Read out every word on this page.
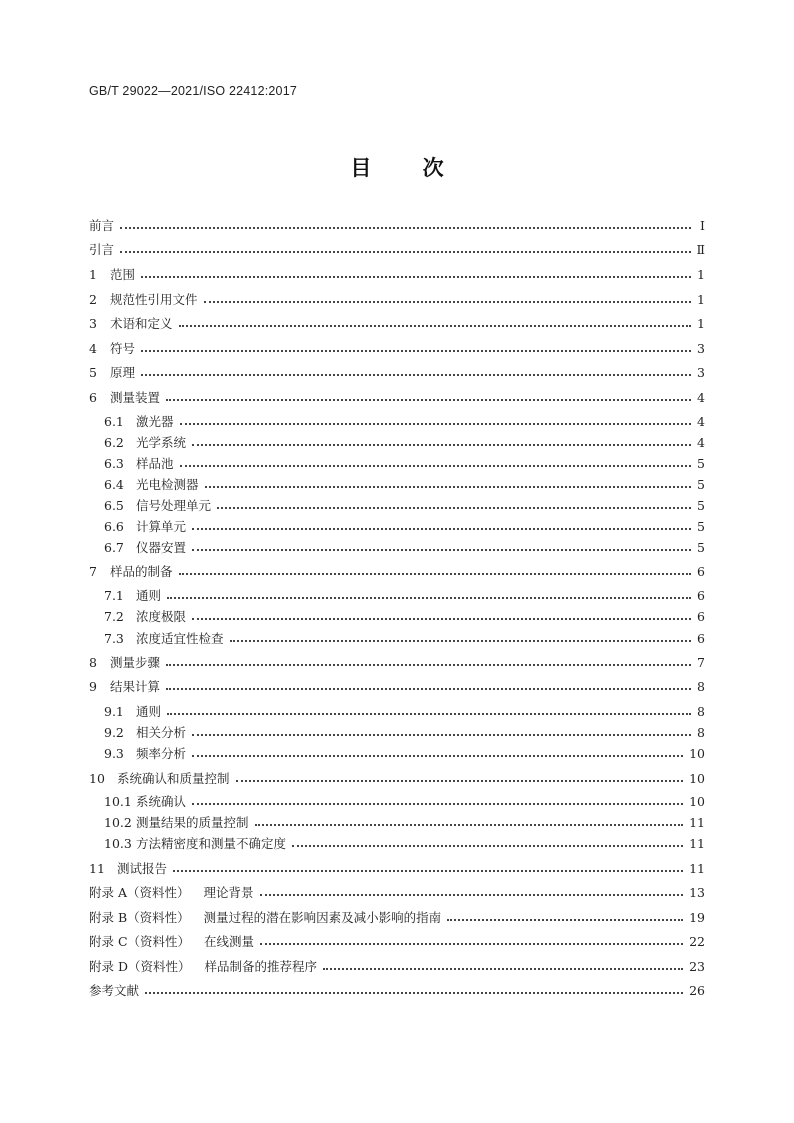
GB/T 29022—2021/ISO 22412:2017
目 次
前言	Ⅰ
引言	Ⅱ
1	范围	1
2	规范性引用文件	1
3	术语和定义	1
4	符号	3
5	原理	3
6	测量装置	4
6.1 激光器	4
6.2 光学系统	4
6.3 样品池	5
6.4 光电检测器	5
6.5 信号处理单元	5
6.6 计算单元	5
6.7 仪器安置	5
7	样品的制备	6
7.1 通则	6
7.2 浓度极限	6
7.3 浓度适宜性检查	6
8	测量步骤	7
9	结果计算	8
9.1 通则	8
9.2 相关分析	8
9.3 频率分析	10
10 系统确认和质量控制	10
10.1 系统确认	10
10.2 测量结果的质量控制	11
10.3 方法精密度和测量不确定度	11
11 测试报告	11
附录 A（资料性） 理论背景	13
附录 B（资料性） 测量过程的潜在影响因素及减小影响的指南	19
附录 C（资料性） 在线测量	22
附录 D（资料性） 样品制备的推荐程序	23
参考文献	26
